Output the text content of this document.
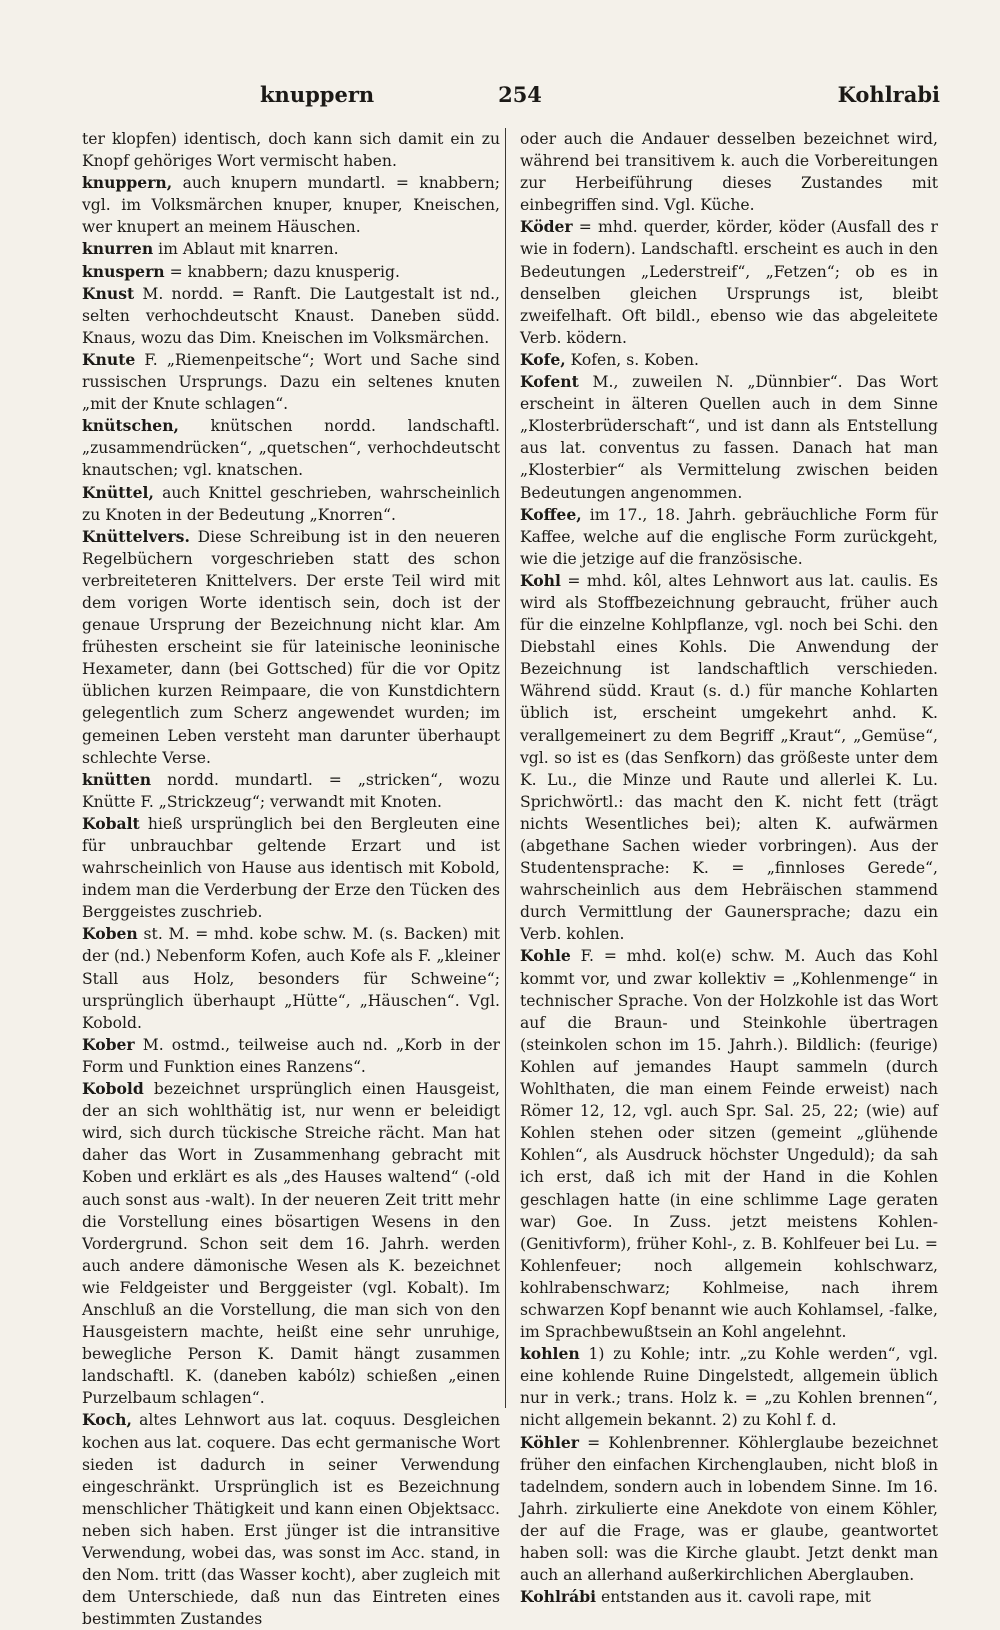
knuppern	254	Kohlrabi

ter klopfen) identisch, doch kann sich damit ein zu Knopf gehöriges Wort vermischt haben.

knuppern, auch knupern mundartl. = knabbern; vgl. im Volksmärchen knuper, knuper, Kneischen, wer knupert an meinem Häuschen.

knurren im Ablaut mit knarren.

knuspern = knabbern; dazu knusperig.

Knust M. nordd. = Ranft. Die Lautgestalt ist nd., selten verhochdeutscht Knaust. Daneben südd. Knaus, wozu das Dim. Kneischen im Volksmärchen.

Knute F. „Riemenpeitsche“; Wort und Sache sind russischen Ursprungs. Dazu ein seltenes knuten „mit der Knute schlagen“.

knütschen, knütschen nordd. landschaftl. „zusammendrücken“, „quetschen“, verhochdeutscht knautschen; vgl. knatschen.

Knüttel, auch Knittel geschrieben, wahrscheinlich zu Knoten in der Bedeutung „Knorren“.

Knüttelvers. Diese Schreibung ist in den neueren Regelbüchern vorgeschrieben statt des schon verbreiteteren Knittelvers. Der erste Teil wird mit dem vorigen Worte identisch sein, doch ist der genaue Ursprung der Bezeichnung nicht klar. Am frühesten erscheint sie für lateinische leoninische Hexameter, dann (bei Gottsched) für die vor Opitz üblichen kurzen Reimpaare, die von Kunstdichtern gelegentlich zum Scherz angewendet wurden; im gemeinen Leben versteht man darunter überhaupt schlechte Verse.

knütten nordd. mundartl. = „stricken“, wozu Knütte F. „Strickzeug“; verwandt mit Knoten.

Kobalt hieß ursprünglich bei den Bergleuten eine für unbrauchbar geltende Erzart und ist wahrscheinlich von Hause aus identisch mit Kobold, indem man die Verderbung der Erze den Tücken des Berggeistes zuschrieb.

Koben st. M. = mhd. kobe schw. M. (s. Backen) mit der (nd.) Nebenform Kofen, auch Kofe als F. „kleiner Stall aus Holz, besonders für Schweine“; ursprünglich überhaupt „Hütte“, „Häuschen“. Vgl. Kobold.

Kober M. ostmd., teilweise auch nd. „Korb in der Form und Funktion eines Ranzens“.

Kobold bezeichnet ursprünglich einen Hausgeist, der an sich wohlthätig ist, nur wenn er beleidigt wird, sich durch tückische Streiche rächt. Man hat daher das Wort in Zusammenhang gebracht mit Koben und erklärt es als „des Hauses waltend“ (-old auch sonst aus -walt). In der neueren Zeit tritt mehr die Vorstellung eines bösartigen Wesens in den Vordergrund. Schon seit dem 16. Jahrh. werden auch andere dämonische Wesen als K. bezeichnet wie Feldgeister und Berggeister (vgl. Kobalt). Im Anschluß an die Vorstellung, die man sich von den Hausgeistern machte, heißt eine sehr unruhige, bewegliche Person K. Damit hängt zusammen landschaftl. K. (daneben kabólz) schießen „einen Purzelbaum schlagen“.

Koch, altes Lehnwort aus lat. coquus. Desgleichen kochen aus lat. coquere. Das echt germanische Wort sieden ist dadurch in seiner Verwendung eingeschränkt. Ursprünglich ist es Bezeichnung menschlicher Thätigkeit und kann einen Objektsacc. neben sich haben. Erst jünger ist die intransitive Verwendung, wobei das, was sonst im Acc. stand, in den Nom. tritt (das Wasser kocht), aber zugleich mit dem Unterschiede, daß nun das Eintreten eines bestimmten Zustandes

oder auch die Andauer desselben bezeichnet wird, während bei transitivem k. auch die Vorbereitungen zur Herbeiführung dieses Zustandes mit einbegriffen sind. Vgl. Küche.

Köder = mhd. querder, körder, köder (Ausfall des r wie in fodern). Landschaftl. erscheint es auch in den Bedeutungen „Lederstreif“, „Fetzen“; ob es in denselben gleichen Ursprungs ist, bleibt zweifelhaft. Oft bildl., ebenso wie das abgeleitete Verb. ködern.

Kofe, Kofen, s. Koben.

Kofent M., zuweilen N. „Dünnbier“. Das Wort erscheint in älteren Quellen auch in dem Sinne „Klosterbrüderschaft“, und ist dann als Entstellung aus lat. conventus zu fassen. Danach hat man „Klosterbier“ als Vermittelung zwischen beiden Bedeutungen angenommen.

Koffee, im 17., 18. Jahrh. gebräuchliche Form für Kaffee, welche auf die englische Form zurückgeht, wie die jetzige auf die französische.

Kohl = mhd. kôl, altes Lehnwort aus lat. caulis. Es wird als Stoffbezeichnung gebraucht, früher auch für die einzelne Kohlpflanze, vgl. noch bei Schi. den Diebstahl eines Kohls. Die Anwendung der Bezeichnung ist landschaftlich verschieden. Während südd. Kraut (s. d.) für manche Kohlarten üblich ist, erscheint umgekehrt anhd. K. verallgemeinert zu dem Begriff „Kraut“, „Gemüse“, vgl. so ist es (das Senfkorn) das größeste unter dem K. Lu., die Minze und Raute und allerlei K. Lu. Sprichwörtl.: das macht den K. nicht fett (trägt nichts Wesentliches bei); alten K. aufwärmen (abgethane Sachen wieder vorbringen). Aus der Studentensprache: K. = „finnloses Gerede“, wahrscheinlich aus dem Hebräischen stammend durch Vermittlung der Gaunersprache; dazu ein Verb. kohlen.

Kohle F. = mhd. kol(e) schw. M. Auch das Kohl kommt vor, und zwar kollektiv = „Kohlenmenge“ in technischer Sprache. Von der Holzkohle ist das Wort auf die Braun- und Steinkohle übertragen (steinkolen schon im 15. Jahrh.). Bildlich: (feurige) Kohlen auf jemandes Haupt sammeln (durch Wohlthaten, die man einem Feinde erweist) nach Römer 12, 12, vgl. auch Spr. Sal. 25, 22; (wie) auf Kohlen stehen oder sitzen (gemeint „glühende Kohlen“, als Ausdruck höchster Ungeduld); da sah ich erst, daß ich mit der Hand in die Kohlen geschlagen hatte (in eine schlimme Lage geraten war) Goe. In Zuss. jetzt meistens Kohlen- (Genitivform), früher Kohl-, z. B. Kohlfeuer bei Lu. = Kohlenfeuer; noch allgemein kohlschwarz, kohlrabenschwarz; Kohlmeise, nach ihrem schwarzen Kopf benannt wie auch Kohlamsel, -falke, im Sprachbewußtsein an Kohl angelehnt.

kohlen 1) zu Kohle; intr. „zu Kohle werden“, vgl. eine kohlende Ruine Dingelstedt, allgemein üblich nur in verk.; trans. Holz k. = „zu Kohlen brennen“, nicht allgemein bekannt. 2) zu Kohl f. d.

Köhler = Kohlenbrenner. Köhlerglaube bezeichnet früher den einfachen Kirchenglauben, nicht bloß in tadelndem, sondern auch in lobendem Sinne. Im 16. Jahrh. zirkulierte eine Anekdote von einem Köhler, der auf die Frage, was er glaube, geantwortet haben soll: was die Kirche glaubt. Jetzt denkt man auch an allerhand außerkirchlichen Aberglauben.

Kohlrábi entstanden aus it. cavoli rape, mit
